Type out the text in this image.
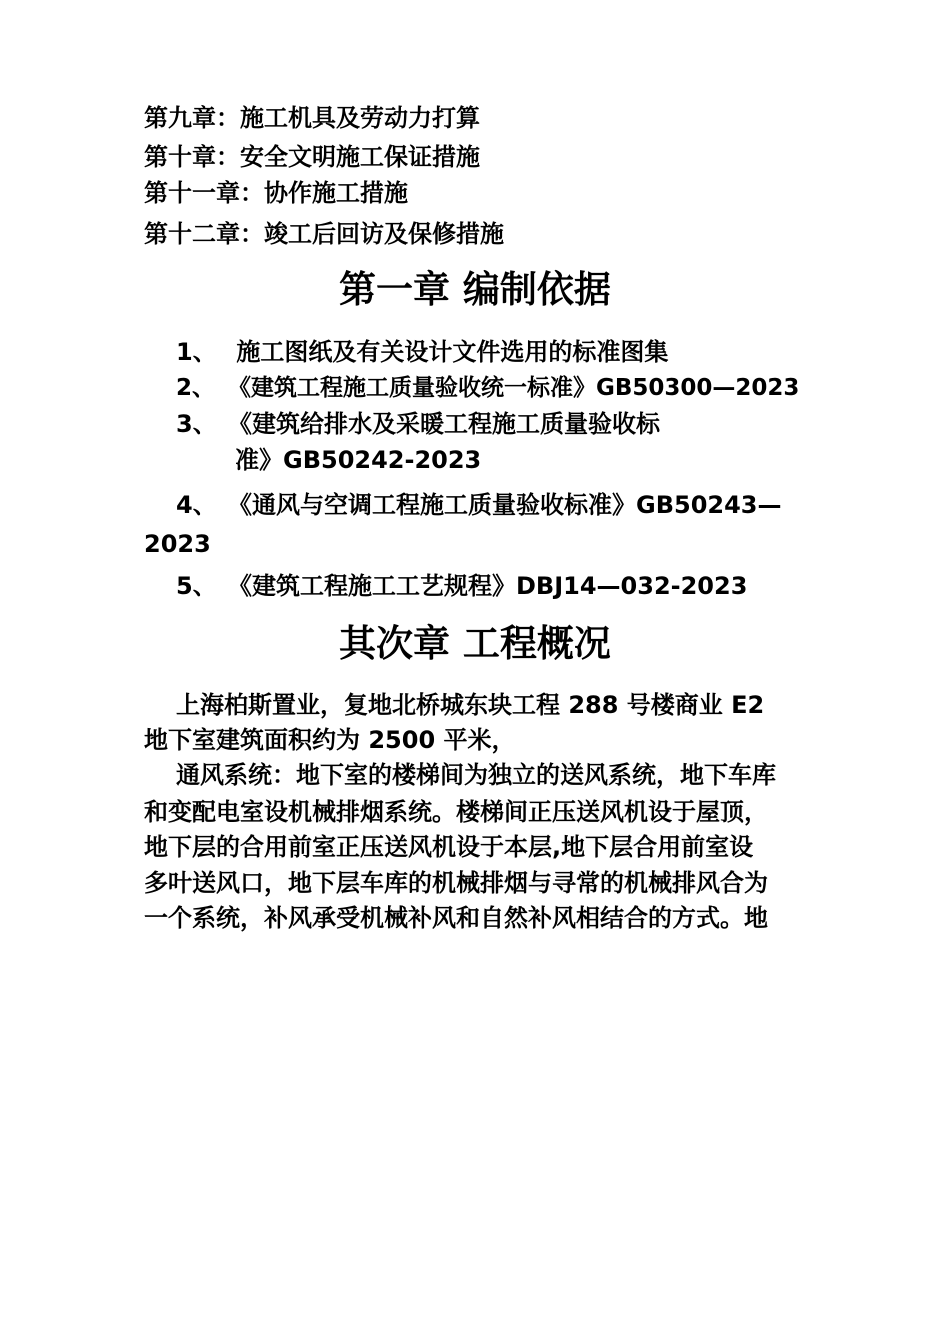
第九章：施工机具及劳动力打算
第十章：安全文明施工保证措施
第十一章：协作施工措施
第十二章：竣工后回访及保修措施
第一章 编制依据
1、 施工图纸及有关设计文件选用的标准图集
2、 《建筑工程施工质量验收统一标准》GB50300—2023
3、 《建筑给排水及采暖工程施工质量验收标
准》GB50242-2023
4、 《通风与空调工程施工质量验收标准》GB50243—
2023
5、 《建筑工程施工工艺规程》DBJ14—032-2023
其次章 工程概况
上海柏斯置业，复地北桥城东块工程 288 号楼商业 E2
地下室建筑面积约为 2500 平米，
通风系统：地下室的楼梯间为独立的送风系统，地下车库
和变配电室设机械排烟系统。楼梯间正压送风机设于屋顶，
地下层的合用前室正压送风机设于本层,地下层合用前室设
多叶送风口，地下层车库的机械排烟与寻常的机械排风合为
一个系统，补风承受机械补风和自然补风相结合的方式。地
